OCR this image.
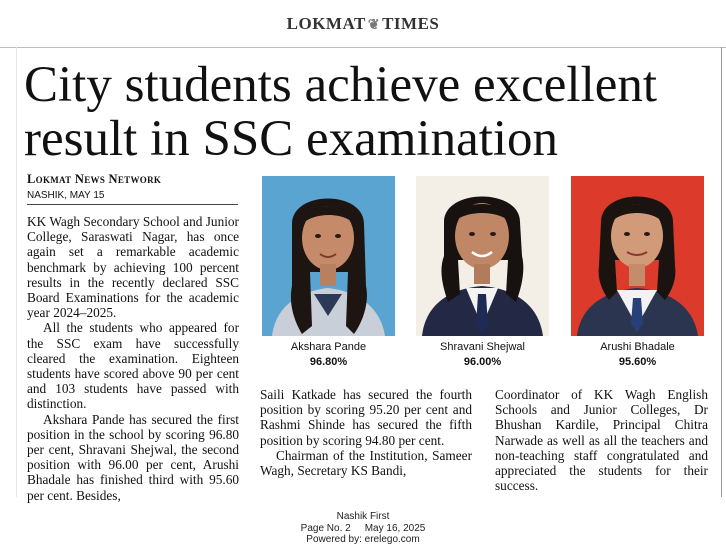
LOKMAT ❦ TIMES
City students achieve excellent
result in SSC examination
Lokmat News Network
NASHIK, MAY 15

KK Wagh Secondary School and Junior College, Saraswati Nagar, has once again set a remarkable academic benchmark by achieving 100 percent results in the recently declared SSC Board Examinations for the academic year 2024–2025.

All the students who appeared for the SSC exam have successfully cleared the examination. Eighteen students have scored above 90 per cent and 103 students have passed with distinction.

Akshara Pande has secured the first position in the school by scoring 96.80 per cent, Shravani Shejwal, the second position with 96.00 per cent, Arushi Bhadale has finished third with 95.60 per cent. Besides,

Akshara Pande
96.80%
Shravani Shejwal
96.00%
Arushi Bhadale
95.60%

Saili Katkade has secured the fourth position by scoring 95.20 per cent and Rashmi Shinde has secured the fifth position by scoring 94.80 per cent.

Chairman of the Institution, Sameer Wagh, Secretary KS Bandi,

Coordinator of KK Wagh English Schools and Junior Colleges, Dr Bhushan Kardile, Principal Chitra Narwade as well as all the teachers and non-teaching staff congratulated and appreciated the students for their success.

Nashik First
Page No. 2 May 16, 2025
Powered by: erelego.com
